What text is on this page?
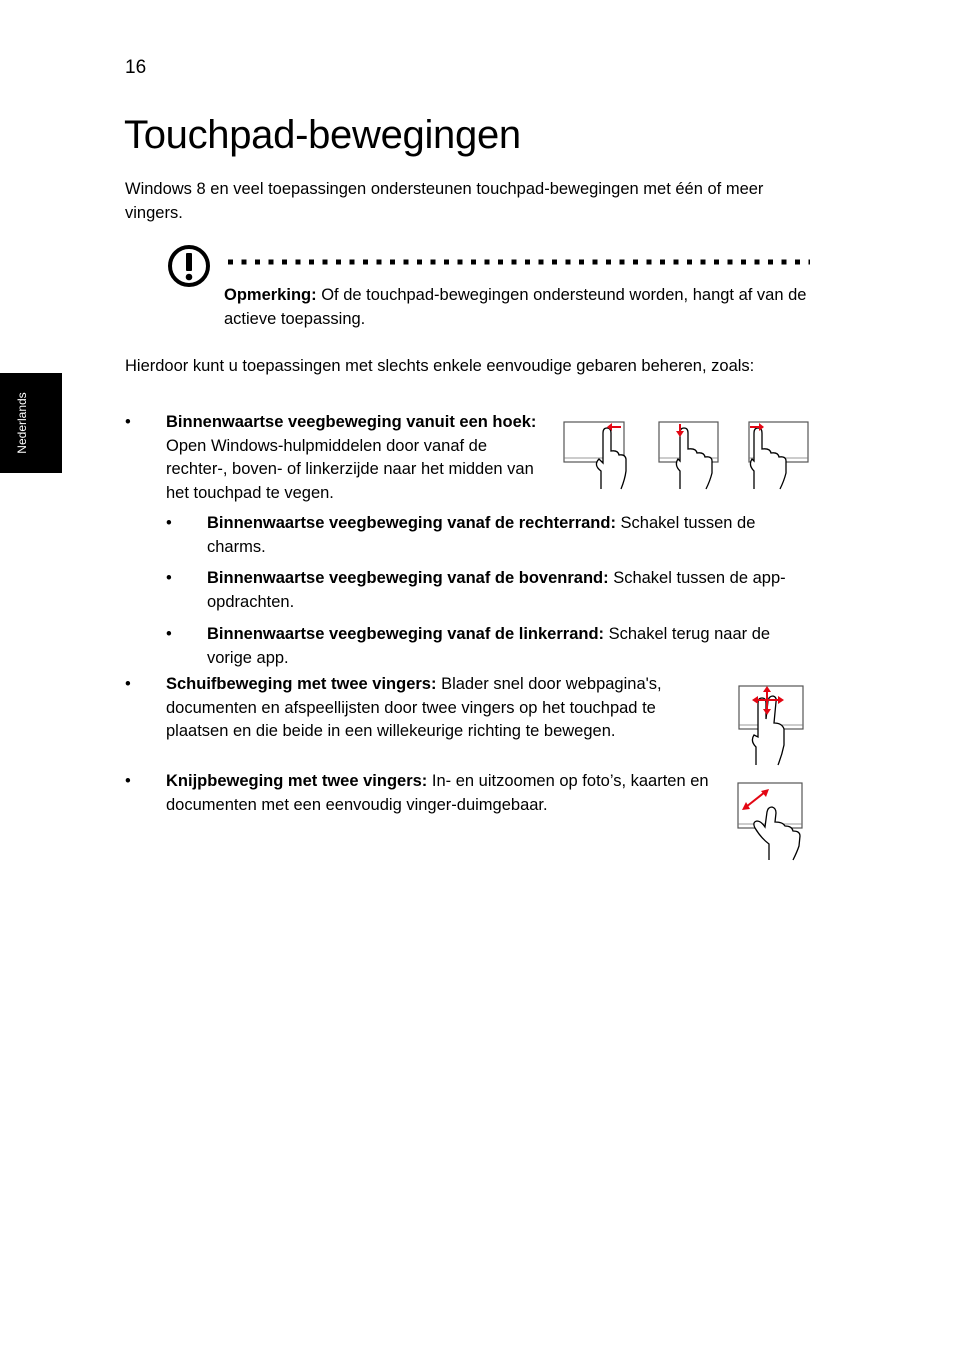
16
Touchpad-bewegingen
Windows 8 en veel toepassingen ondersteunen touchpad-bewegingen met één of meer vingers.
Nederlands
Opmerking: Of de touchpad-bewegingen ondersteund worden, hangt af van de actieve toepassing.
Hierdoor kunt u toepassingen met slechts enkele eenvoudige gebaren beheren, zoals:
• Binnenwaartse veegbeweging vanuit een hoek: Open Windows-hulpmiddelen door vanaf de rechter-, boven- of linkerzijde naar het midden van het touchpad te vegen.
• Binnenwaartse veegbeweging vanaf de rechterrand: Schakel tussen de charms.
• Binnenwaartse veegbeweging vanaf de bovenrand: Schakel tussen de app-opdrachten.
• Binnenwaartse veegbeweging vanaf de linkerrand: Schakel terug naar de vorige app.
• Schuifbeweging met twee vingers: Blader snel door webpagina's, documenten en afspeellijsten door twee vingers op het touchpad te plaatsen en die beide in een willekeurige richting te bewegen.
• Knijpbeweging met twee vingers: In- en uitzoomen op foto’s, kaarten en documenten met een eenvoudig vinger-duimgebaar.
